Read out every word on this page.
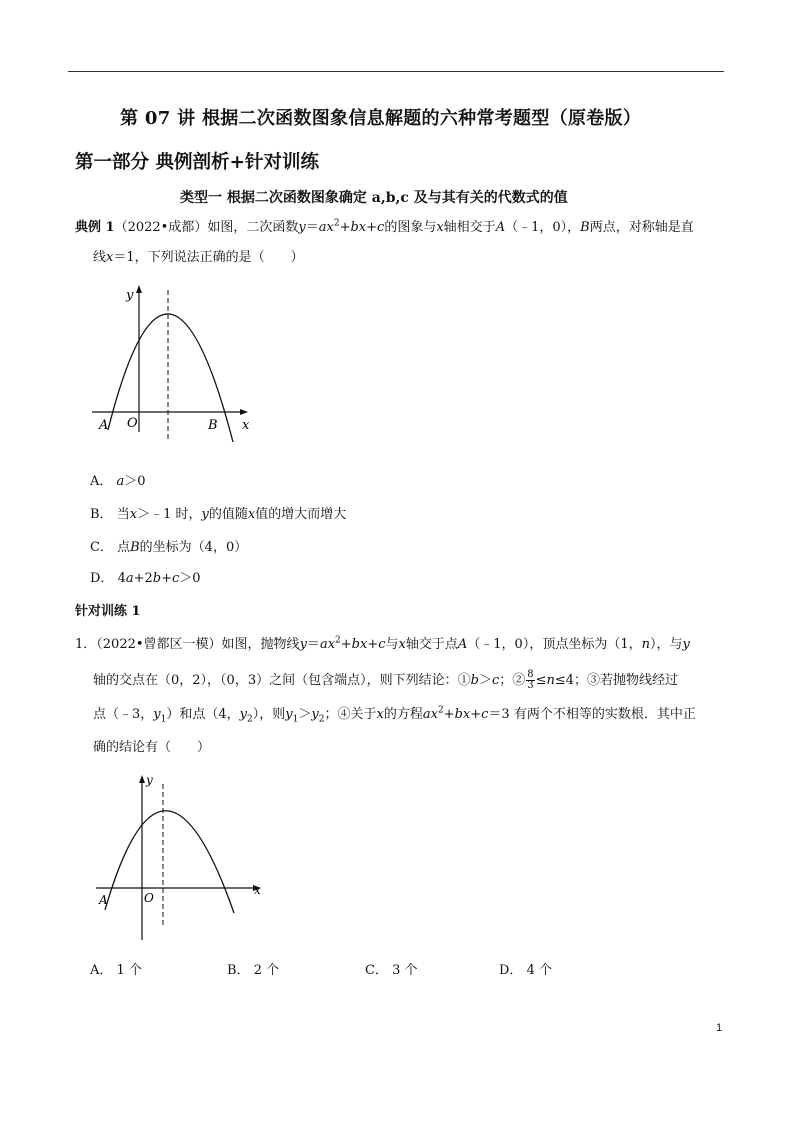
第 07 讲 根据二次函数图象信息解题的六种常考题型（原卷版）
第一部分 典例剖析+针对训练
类型一 根据二次函数图象确定 a,b,c 及与其有关的代数式的值
典例 1（2022•成都）如图，二次函数$y=ax^2+bx+c$的图象与x轴相交于A（﹣1，0），B两点，对称轴是直
线x＝1，下列说法正确的是（　　）
y
x
A O	B
A． a＞0
B． 当x＞﹣1 时，y的值随x值的增大而增大
C． 点B的坐标为（4，0）
D． 4a+2b+c＞0
针对训练 1
1．（2022•曾都区一模）如图，抛物线$y=ax^2+bx+c$与x轴交于点A（﹣1，0），顶点坐标为（1，n），与y
轴的交点在（0，2），（0，3）之间（包含端点），则下列结论：①b＞c；② $\frac{8}{3} \le n\le 4$；③若抛物线经过
点（﹣3，$y_1$）和点（4，$y_2$），则$y_1>y_2$；④关于x的方程$ax^2+bx+c=3$ 有两个不相等的实数根．其中正
确的结论有（　　）
y
x
A	O
A． 1 个	B． 2 个	C． 3 个	D． 4 个
1
